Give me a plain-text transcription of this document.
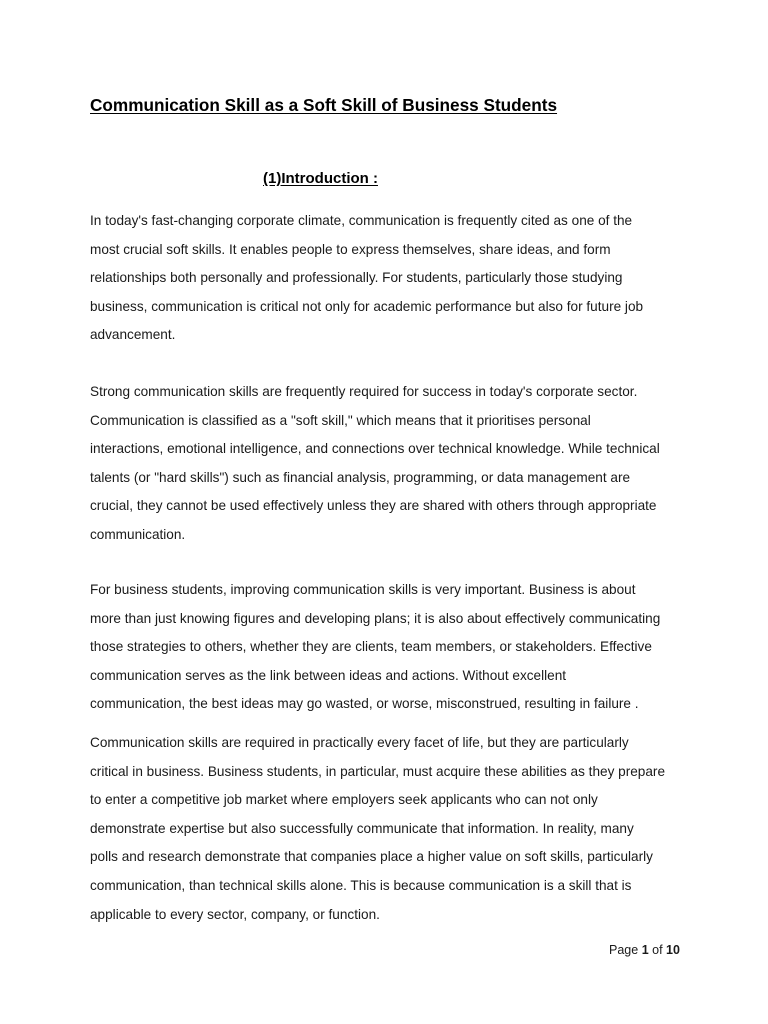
Communication Skill as a Soft Skill of Business Students
(1)Introduction :

In today's fast-changing corporate climate, communication is frequently cited as one of the
most crucial soft skills. It enables people to express themselves, share ideas, and form
relationships both personally and professionally. For students, particularly those studying
business, communication is critical not only for academic performance but also for future job
advancement.

Strong communication skills are frequently required for success in today's corporate sector.
Communication is classified as a "soft skill," which means that it prioritises personal
interactions, emotional intelligence, and connections over technical knowledge. While technical
talents (or "hard skills") such as financial analysis, programming, or data management are
crucial, they cannot be used effectively unless they are shared with others through appropriate
communication.

For business students, improving communication skills is very important. Business is about
more than just knowing figures and developing plans; it is also about effectively communicating
those strategies to others, whether they are clients, team members, or stakeholders. Effective
communication serves as the link between ideas and actions. Without excellent
communication, the best ideas may go wasted, or worse, misconstrued, resulting in failure .

Communication skills are required in practically every facet of life, but they are particularly
critical in business. Business students, in particular, must acquire these abilities as they prepare
to enter a competitive job market where employers seek applicants who can not only
demonstrate expertise but also successfully communicate that information. In reality, many
polls and research demonstrate that companies place a higher value on soft skills, particularly
communication, than technical skills alone. This is because communication is a skill that is
applicable to every sector, company, or function.

Page 1 of 10
